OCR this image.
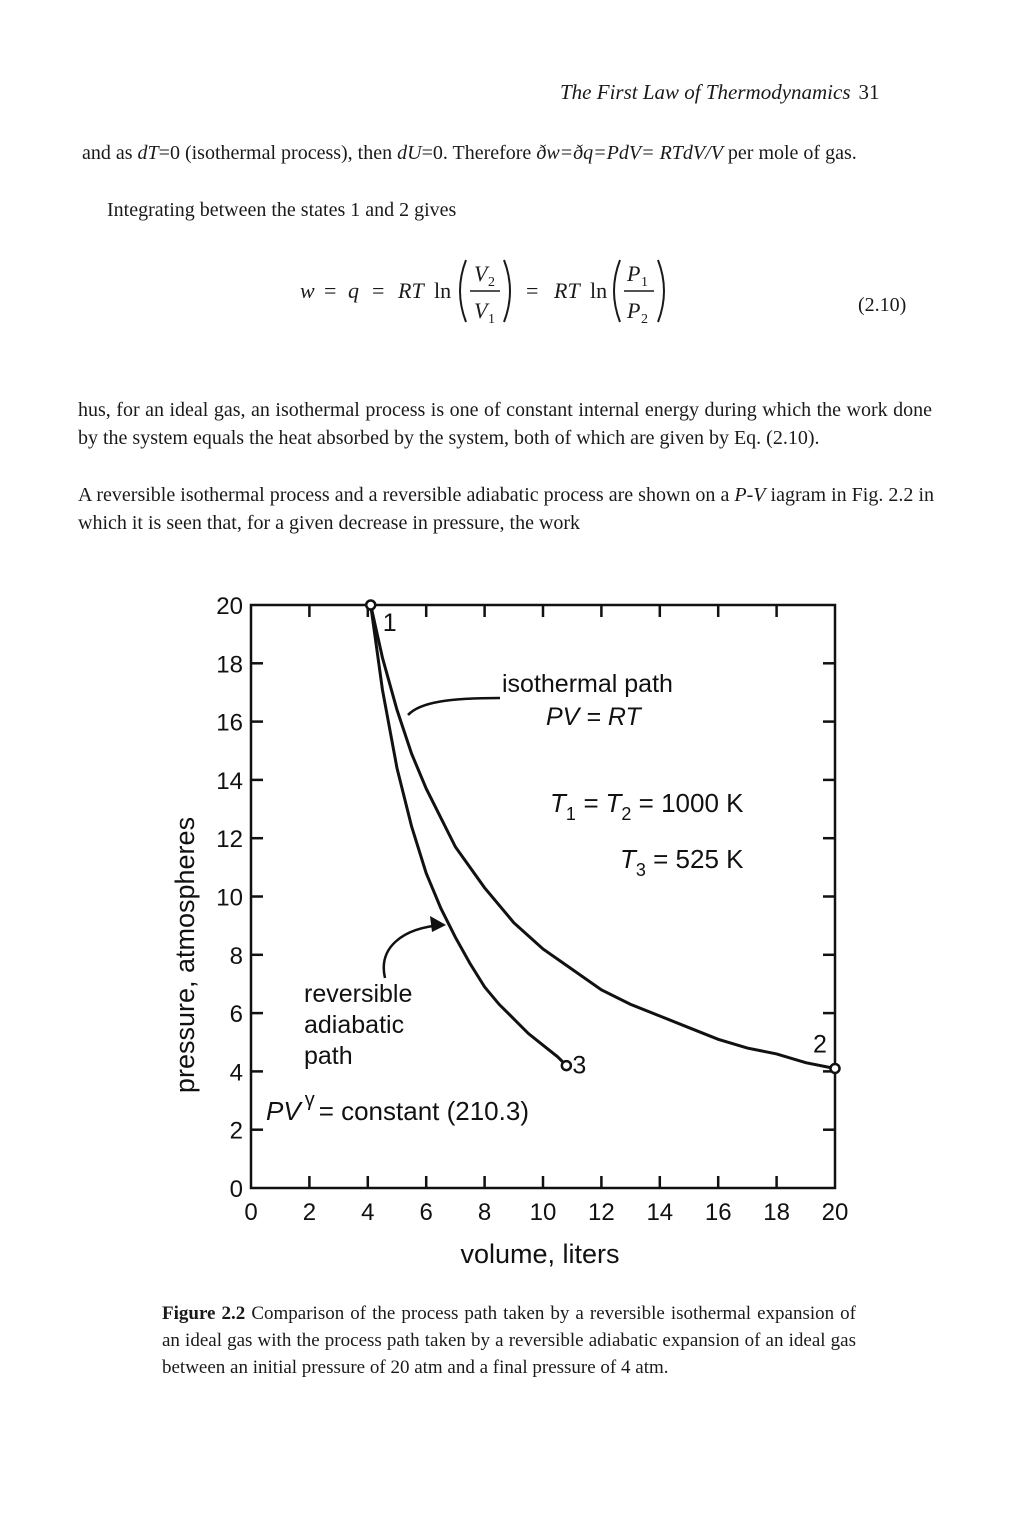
The First Law of Thermodynamics 31
and as dT=0 (isothermal process), then dU=0. Therefore ðw=ðq=PdV= RTdV/V per mole of gas.
Integrating between the states 1 and 2 gives
w = q = RT ln
V 2
V 1
= RT ln
P 1
P 2
(2.10)
hus, for an ideal gas, an isothermal process is one of constant internal energy during which the work done by the system equals the heat absorbed by the system, both of which are given by Eq. (2.10).
A reversible isothermal process and a reversible adiabatic process are shown on a P-V iagram in Fig. 2.2 in which it is seen that, for a given decrease in pressure, the work
0 2 4 6 8 10 12 14 16 18 20
0
2
4
6
8
10
12
14
16
18
20
1
2
3
volume, liters
pressure, atmospheres
isothermal path
PV = RT
$T_1 = T_2 = 1000$ K
$T_3 = 525$ K
reversible
adiabatic
path
PV $^\gamma$ = constant (210.3)
Figure 2.2 Comparison of the process path taken by a reversible isothermal expansion of an ideal gas with the process path taken by a reversible adiabatic expansion of an ideal gas between an initial pressure of 20 atm and a final pressure of 4 atm.
